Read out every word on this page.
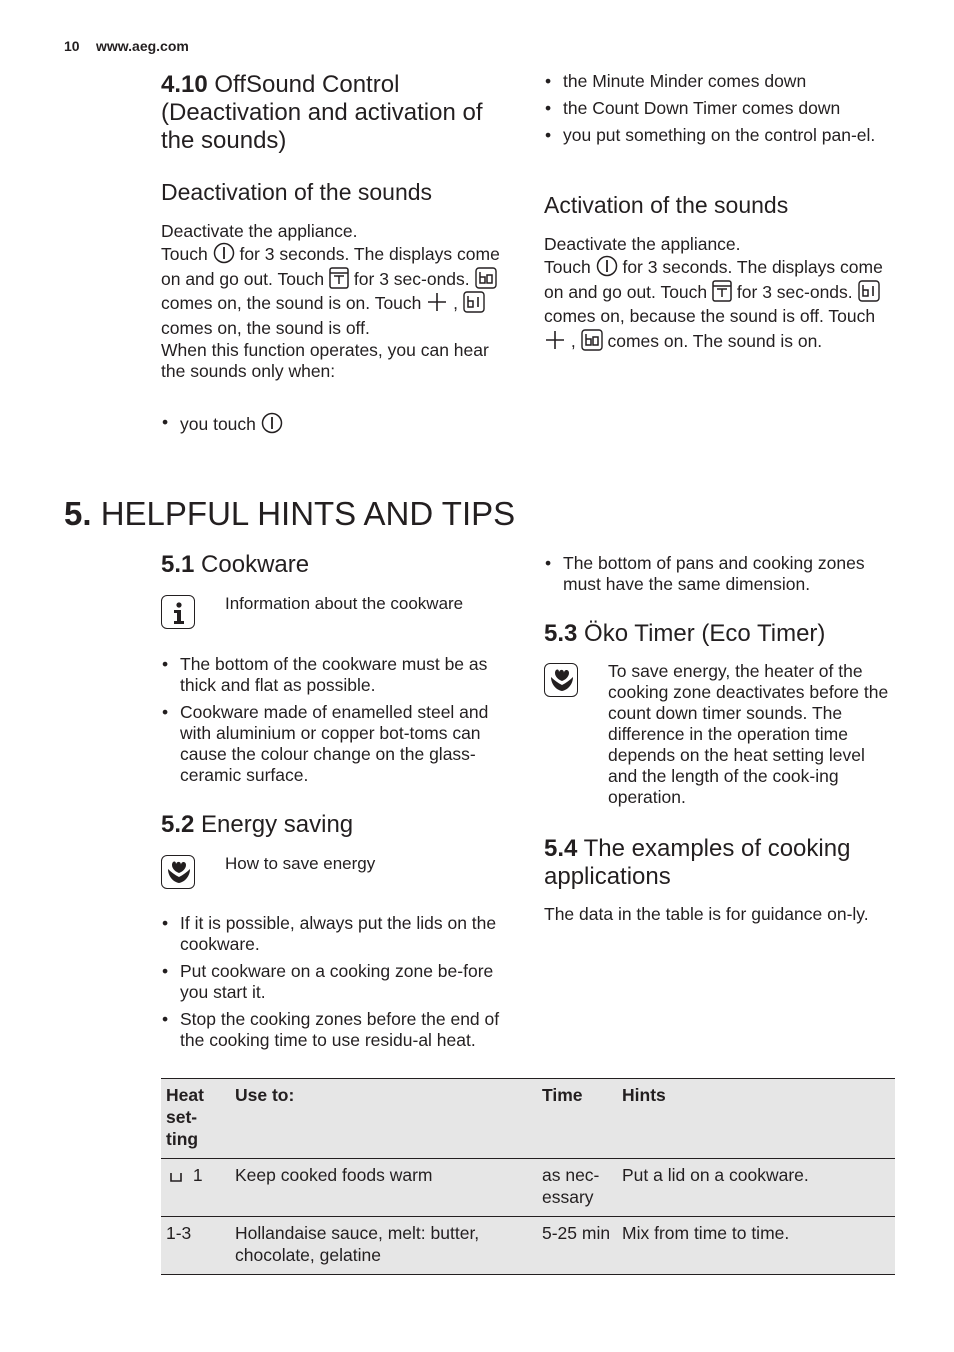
10 www.aeg.com
4.10 OffSound Control (Deactivation and activation of the sounds)
Deactivation of the sounds

Deactivate the appliance.

Touch for 3 seconds. The displays come on and go out. Touch for 3 sec-onds.  comes on, the sound is on. Touch ,  comes on, the sound is off.

When this function operates, you can hear the sounds only when:

• you touch
• the Minute Minder comes down
• the Count Down Timer comes down
• you put something on the control pan-el.
Activation of the sounds

Deactivate the appliance.

Touch for 3 seconds. The displays come on and go out. Touch for 3 sec-onds.  comes on, because the sound is off. Touch  , comes on. The sound is on.

5. HELPFUL HINTS AND TIPS
5.1 Cookware
Information about the cookware
• The bottom of the cookware must be as thick and flat as possible.
• Cookware made of enamelled steel and with aluminium or copper bot-toms can cause the colour change on the glass-ceramic surface.
• The bottom of pans and cooking zones must have the same dimension.
5.2 Energy saving
How to save energy
• If it is possible, always put the lids on the cookware.
• Put cookware on a cooking zone be-fore you start it.
• Stop the cooking zones before the end of the cooking time to use residu-al heat.
5.3 Öko Timer (Eco Timer)
To save energy, the heater of the cooking zone deactivates before the count down timer sounds. The difference in the operation time depends on the heat setting level and the length of the cook-ing operation.
5.4 The examples of cooking applications
The data in the table is for guidance on-ly.
Heat set-ting	Use to:	Time	Hints
1	Keep cooked foods warm	as nec-essary	Put a lid on a cookware.
1-3	Hollandaise sauce, melt: butter, chocolate, gelatine	5-25 min	Mix from time to time.
